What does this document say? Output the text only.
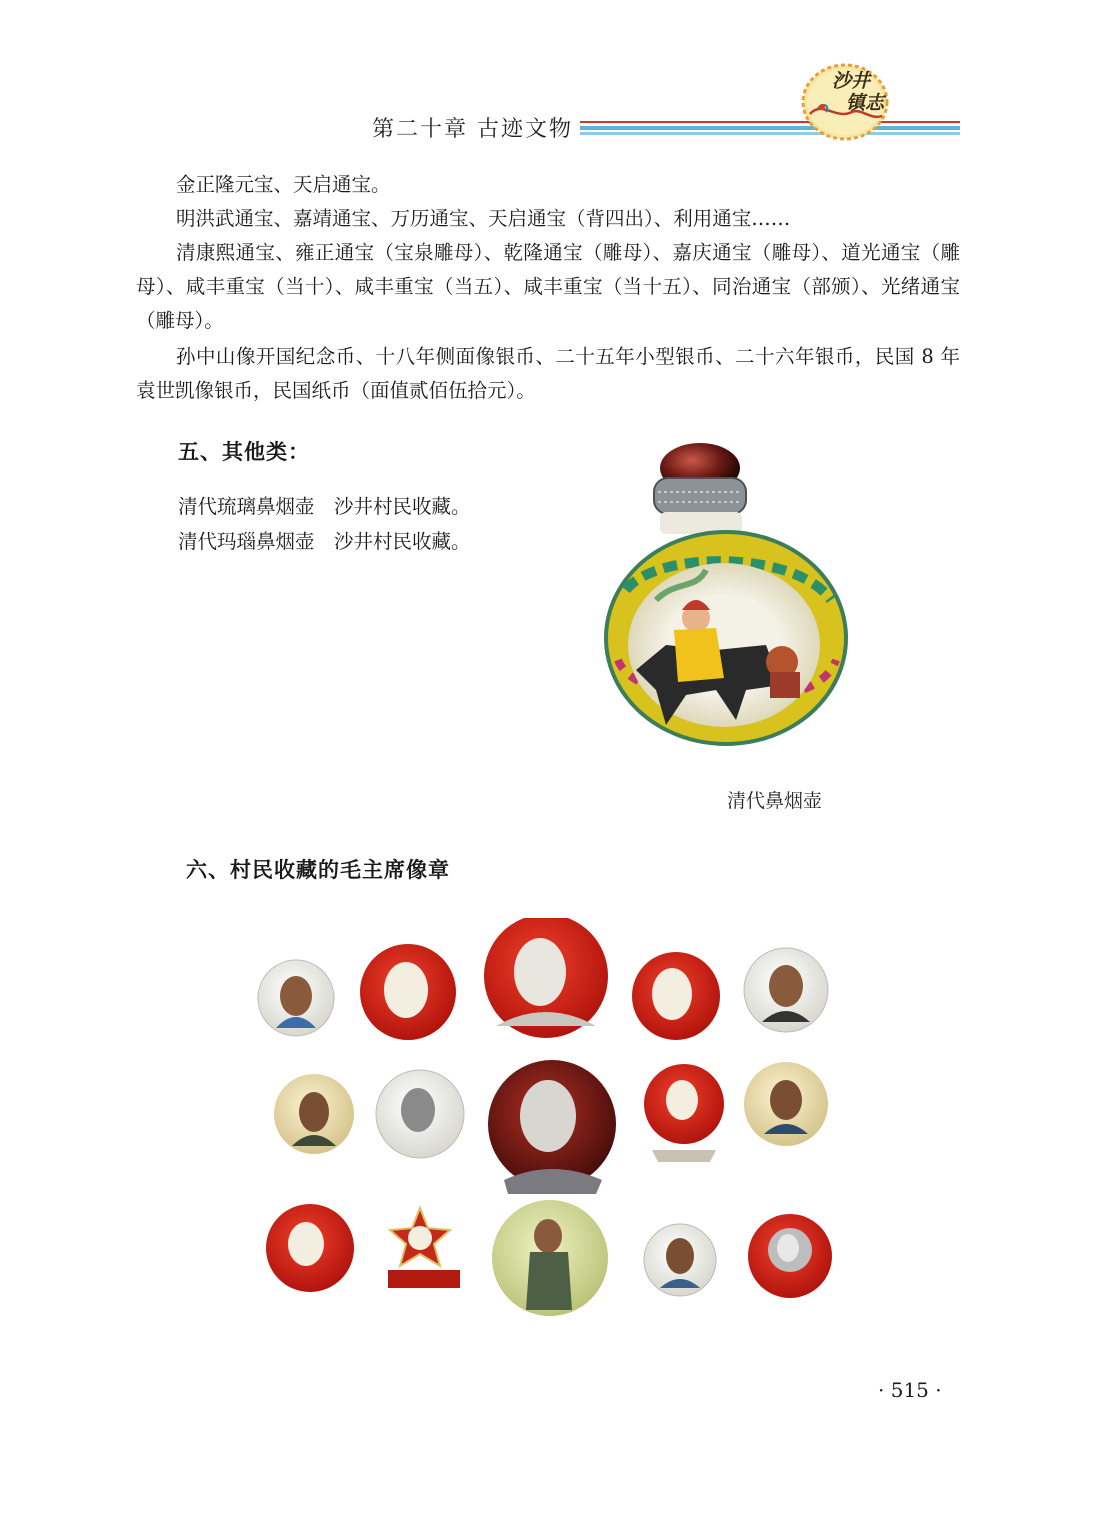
第二十章 古迹文物
沙井
镇志
金正隆元宝、天启通宝。
明洪武通宝、嘉靖通宝、万历通宝、天启通宝（背四出）、利用通宝……
清康熙通宝、雍正通宝（宝泉雕母）、乾隆通宝（雕母）、嘉庆通宝（雕母）、道光通宝（雕母）、咸丰重宝（当十）、咸丰重宝（当五）、咸丰重宝（当十五）、同治通宝（部颁）、光绪通宝（雕母）。
孙中山像开国纪念币、十八年侧面像银币、二十五年小型银币、二十六年银币，民国 8 年袁世凯像银币，民国纸币（面值贰佰伍拾元）。
五、其他类：
清代琉璃鼻烟壶　沙井村民收藏。
清代玛瑙鼻烟壶　沙井村民收藏。
清代鼻烟壶
六、村民收藏的毛主席像章
· 515 ·
